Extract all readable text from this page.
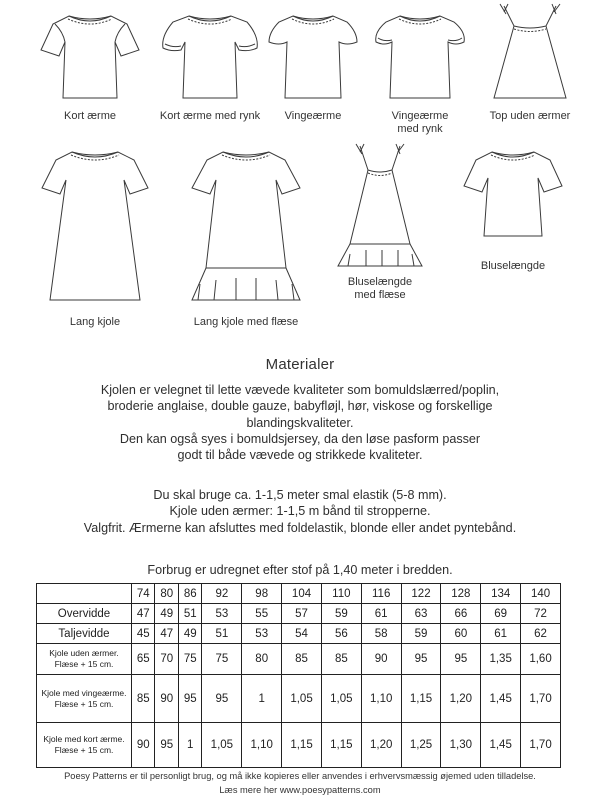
Kort ærme	Kort ærme med rynk	Vingeærme	Vingeærme med rynk
Top uden ærmer
Lang kjole	Lang kjole med flæse
Bluselængde med flæse
Bluselængde
Materialer
Kjolen er velegnet til lette vævede kvaliteter som bomuldslærred/poplin,
broderie anglaise, double gauze, babyfløjl, hør, viskose og forskellige
blandingskvaliteter.
Den kan også syes i bomuldsjersey, da den løse pasform passer
godt til både vævede og strikkede kvaliteter.
Du skal bruge ca. 1-1,5 meter smal elastik (5-8 mm).
Kjole uden ærmer: 1-1,5 m bånd til stropperne.
Valgfrit. Ærmerne kan afsluttes med foldelastik, blonde eller andet pyntebånd.
Forbrug er udregnet efter stof på 1,40 meter i bredden.
	74	80	86	92	98	104	110	116	122	128	134	140
Overvidde	47	49	51	53	55	57	59	61	63	66	69	72
Taljevidde	45	47	49	51	53	54	56	58	59	60	61	62
Kjole uden ærmer. Flæse + 15 cm.	65	70	75	75	80	85	85	90	95	95	1,35	1,60
Kjole med vingeærme. Flæse + 15 cm.	85	90	95	95	1	1,05	1,05	1,10	1,15	1,20	1,45	1,70
Kjole med kort ærme. Flæse + 15 cm.	90	95	1	1,05	1,10	1,15	1,15	1,20	1,25	1,30	1,45	1,70
Poesy Patterns er til personligt brug, og må ikke kopieres eller anvendes i erhvervsmæssig øjemed uden tilladelse.
Læs mere her www.poesypatterns.com
